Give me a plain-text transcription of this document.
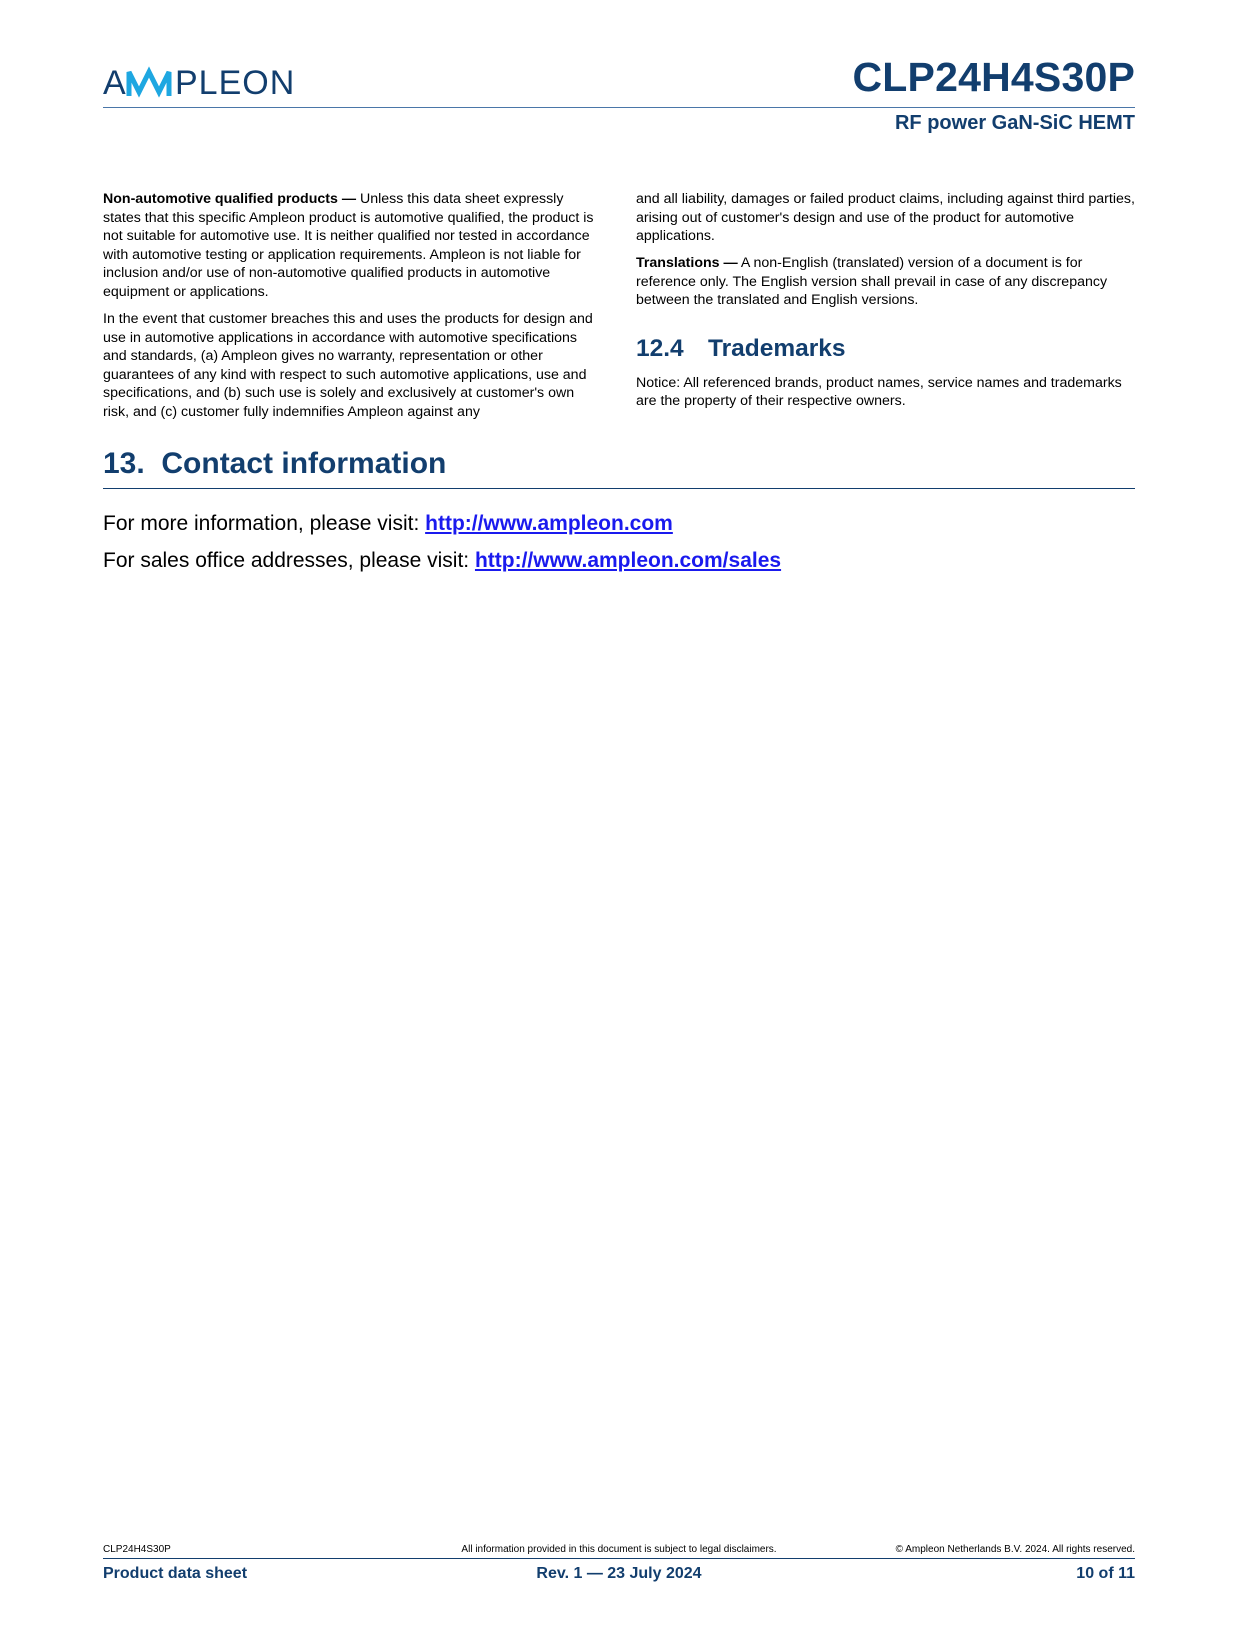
A PLEON	CLP24H4S30P
RF power GaN-SiC HEMT

Non-automotive qualified products — Unless this data sheet expressly states that this specific Ampleon product is automotive qualified, the product is not suitable for automotive use. It is neither qualified nor tested in accordance with automotive testing or application requirements. Ampleon is not liable for inclusion and/or use of non-automotive qualified products in automotive equipment or applications.

In the event that customer breaches this and uses the products for design and use in automotive applications in accordance with automotive specifications and standards, (a) Ampleon gives no warranty, representation or other guarantees of any kind with respect to such automotive applications, use and specifications, and (b) such use is solely and exclusively at customer's own risk, and (c) customer fully indemnifies Ampleon against any

and all liability, damages or failed product claims, including against third parties, arising out of customer's design and use of the product for automotive applications.

Translations — A non-English (translated) version of a document is for reference only. The English version shall prevail in case of any discrepancy between the translated and English versions.

12.4 Trademarks

Notice: All referenced brands, product names, service names and trademarks are the property of their respective owners.

13.  Contact information
For more information, please visit: http://www.ampleon.com
For sales office addresses, please visit: http://www.ampleon.com/sales
CLP24H4S30P	All information provided in this document is subject to legal disclaimers.	© Ampleon Netherlands B.V. 2024. All rights reserved.
Product data sheet	Rev. 1 — 23 July 2024	10 of 11
